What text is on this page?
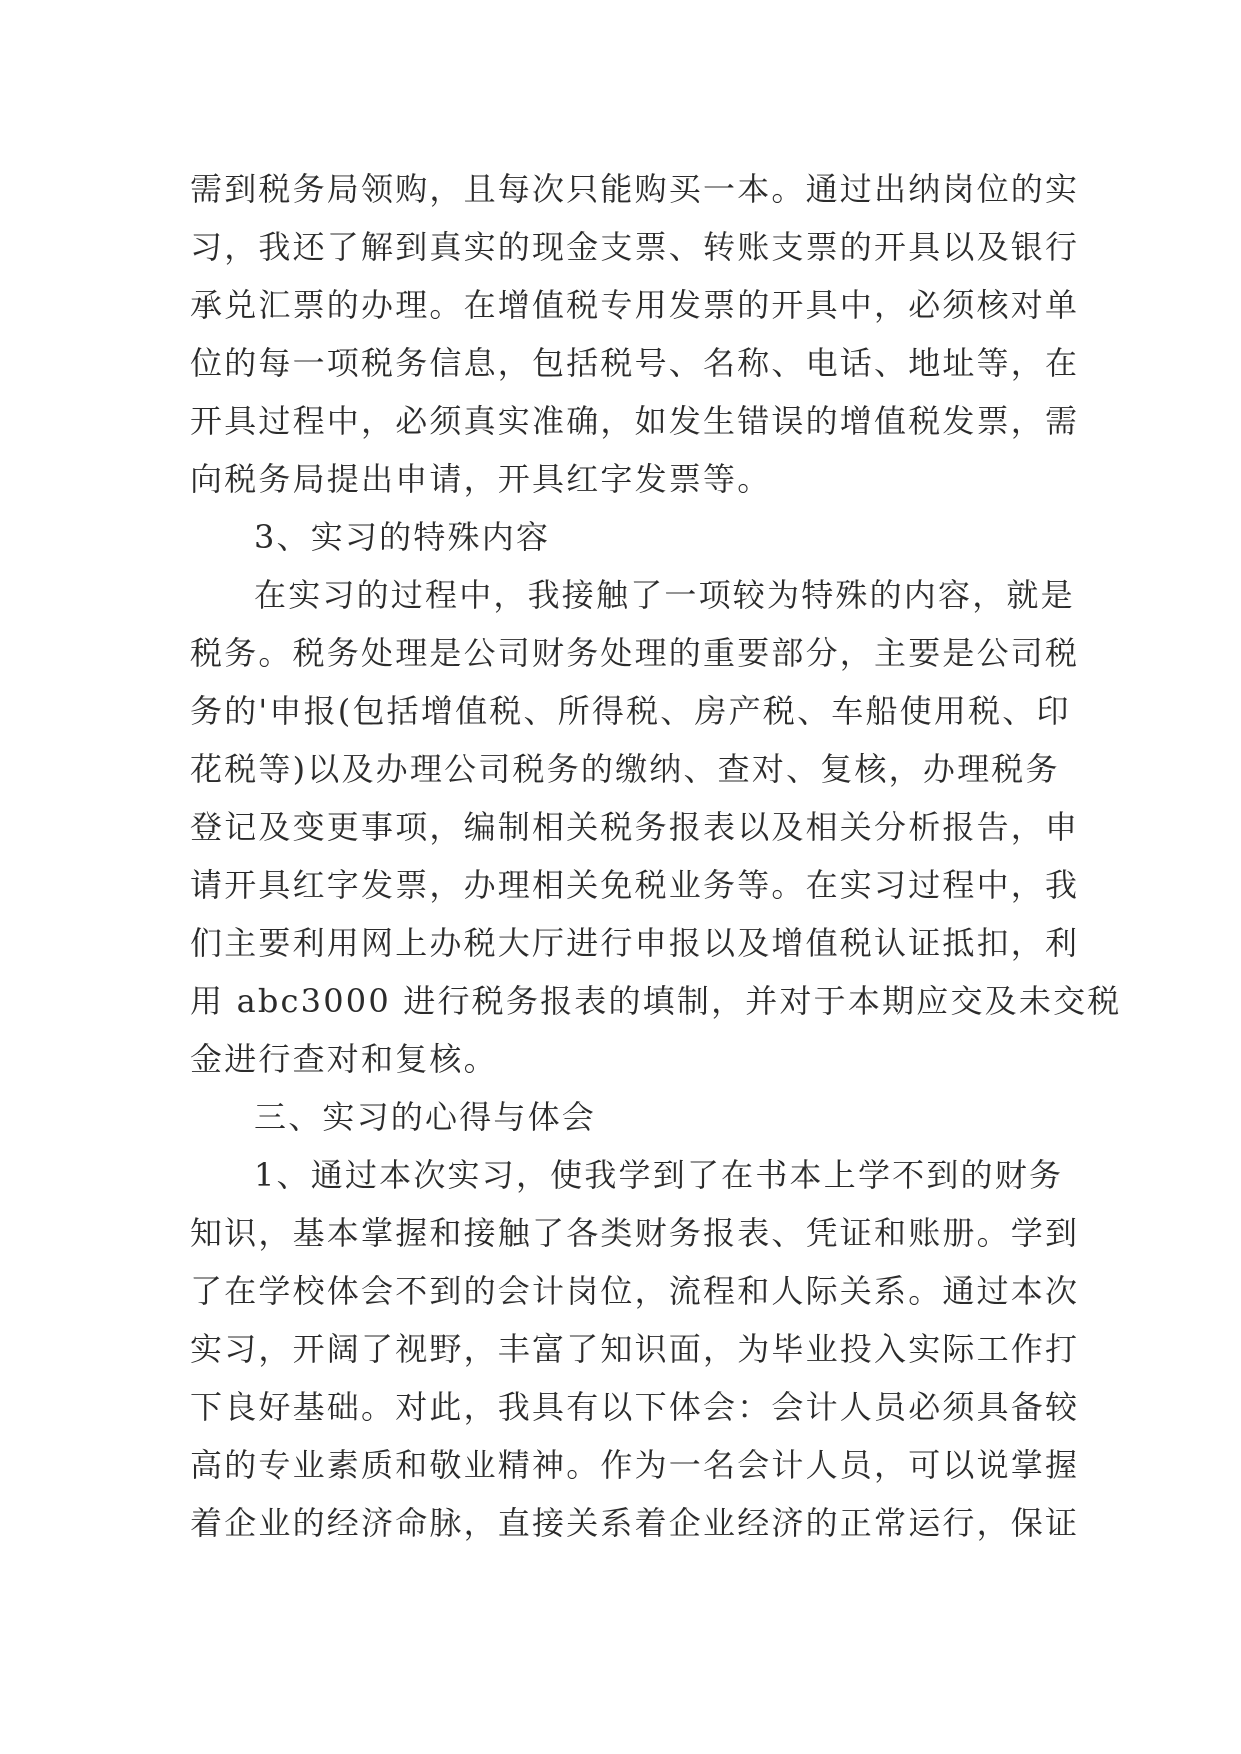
需到税务局领购，且每次只能购买一本。通过出纳岗位的实
习，我还了解到真实的现金支票、转账支票的开具以及银行
承兑汇票的办理。在增值税专用发票的开具中，必须核对单
位的每一项税务信息，包括税号、名称、电话、地址等，在
开具过程中，必须真实准确，如发生错误的增值税发票，需
向税务局提出申请，开具红字发票等。
3、实习的特殊内容
在实习的过程中，我接触了一项较为特殊的内容，就是
税务。税务处理是公司财务处理的重要部分，主要是公司税
务的'申报(包括增值税、所得税、房产税、车船使用税、印
花税等)以及办理公司税务的缴纳、查对、复核，办理税务
登记及变更事项，编制相关税务报表以及相关分析报告，申
请开具红字发票，办理相关免税业务等。在实习过程中，我
们主要利用网上办税大厅进行申报以及增值税认证抵扣，利
用 abc3000 进行税务报表的填制，并对于本期应交及未交税
金进行查对和复核。
三、实习的心得与体会
1、通过本次实习，使我学到了在书本上学不到的财务
知识，基本掌握和接触了各类财务报表、凭证和账册。学到
了在学校体会不到的会计岗位，流程和人际关系。通过本次
实习，开阔了视野，丰富了知识面，为毕业投入实际工作打
下良好基础。对此，我具有以下体会：会计人员必须具备较
高的专业素质和敬业精神。作为一名会计人员，可以说掌握
着企业的经济命脉，直接关系着企业经济的正常运行，保证
